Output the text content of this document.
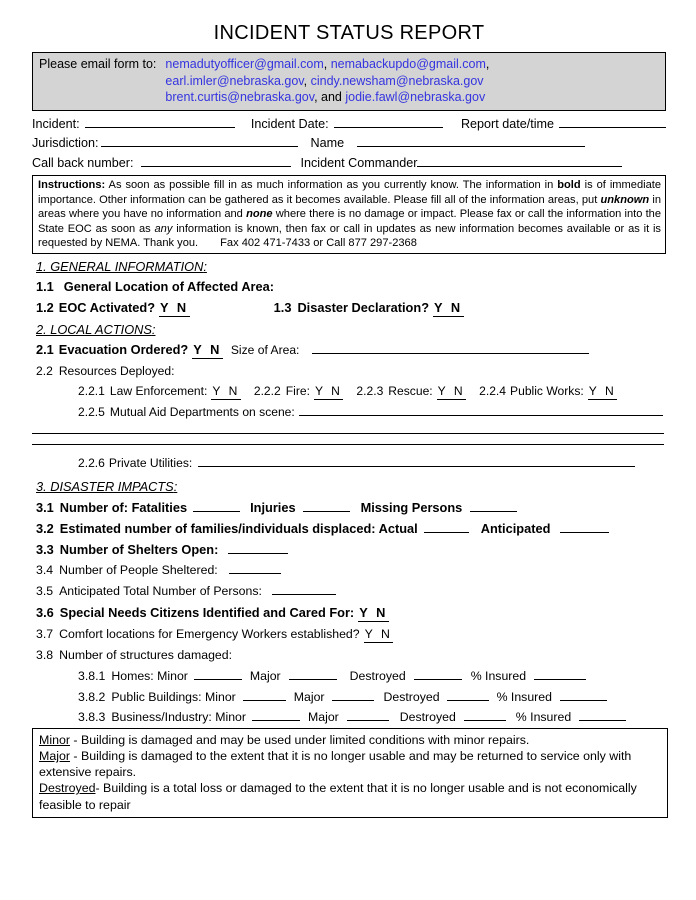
INCIDENT STATUS REPORT
Please email form to: nemadutyofficer@gmail.com, nemabackupdo@gmail.com,
earl.imler@nebraska.gov, cindy.newsham@nebraska.gov
brent.curtis@nebraska.gov, and jodie.fawl@nebraska.gov
Incident:	Incident Date:	Report date/time
Jurisdiction:	Name
Call back number:	Incident Commander
Instructions: As soon as possible fill in as much information as you currently know. The information in bold is of immediate importance. Other information can be gathered as it becomes available. Please fill all of the information areas, put unknown in areas where you have no information and none where there is no damage or impact. Please fax or call the information into the State EOC as soon as any information is known, then fax or call in updates as new information becomes available or as it is requested by NEMA. Thank you. Fax 402 471-7433 or Call 877 297-2368
1. GENERAL INFORMATION:
1.1 General Location of Affected Area:
1.2 EOC Activated? Y N	1.3 Disaster Declaration? Y N
2. LOCAL ACTIONS:
2.1 Evacuation Ordered? Y N Size of Area:
2.2 Resources Deployed:
2.2.1 Law Enforcement: Y N 2.2.2 Fire: Y N 2.2.3 Rescue: Y N 2.2.4 Public Works: Y N
2.2.5 Mutual Aid Departments on scene:
2.2.6 Private Utilities:
3. DISASTER IMPACTS:
3.1 Number of: Fatalities	Injuries	Missing Persons
3.2 Estimated number of families/individuals displaced: Actual	Anticipated
3.3 Number of Shelters Open:
3.4 Number of People Sheltered:
3.5 Anticipated Total Number of Persons:
3.6 Special Needs Citizens Identified and Cared For: Y N
3.7 Comfort locations for Emergency Workers established? Y N
3.8 Number of structures damaged:
3.8.1 Homes: Minor	Major	Destroyed	% Insured
3.8.2 Public Buildings: Minor	Major	Destroyed	% Insured
3.8.3 Business/Industry: Minor	Major	Destroyed	% Insured
Minor - Building is damaged and may be used under limited conditions with minor repairs.
Major - Building is damaged to the extent that it is no longer usable and may be returned to service only with extensive repairs.
Destroyed- Building is a total loss or damaged to the extent that it is no longer usable and is not economically feasible to repair
